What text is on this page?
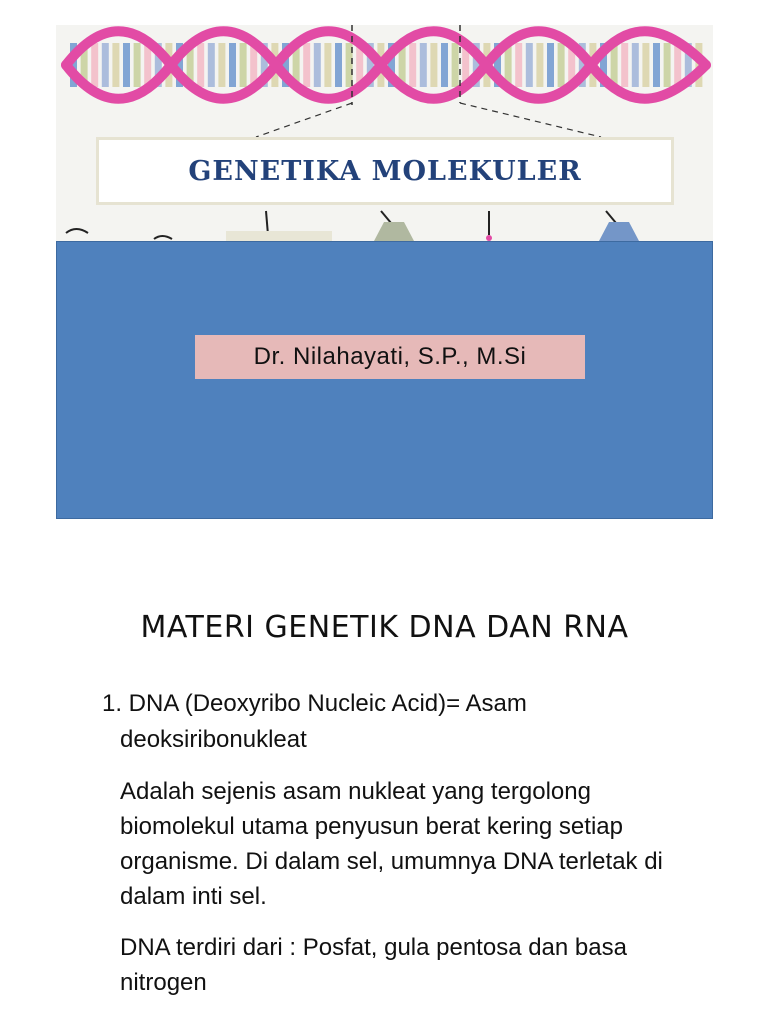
GENETIKA MOLEKULER
Dr. Nilahayati, S.P., M.Si
MATERI GENETIK DNA DAN RNA
1. DNA (Deoxyribo Nucleic Acid)= Asam
deoksiribonukleat
Adalah sejenis asam nukleat yang tergolong biomolekul utama penyusun berat kering setiap organisme. Di dalam sel, umumnya DNA terletak di dalam inti sel.
DNA terdiri dari : Posfat, gula pentosa dan basa nitrogen
